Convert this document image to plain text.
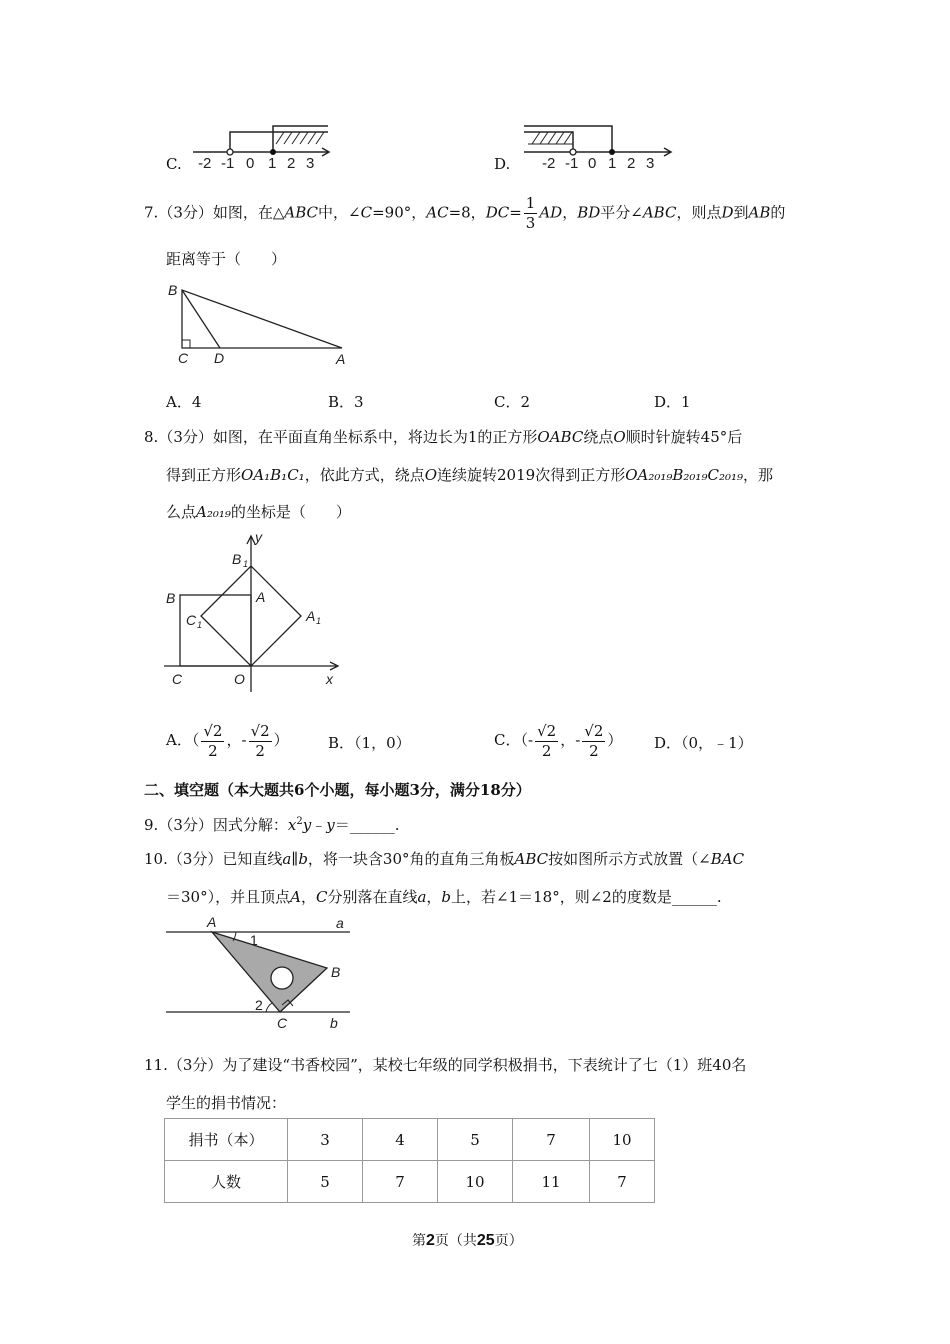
C. -2 -1 0 1 2 3	D. -2 -1 0 1 2 3
7.（3分）如图，在△ABC中，∠C=90°，AC=8，$DC= \frac{1}{3}$ AD，BD平分∠ABC，则点D到AB的
距离等于（　　）
B
C D	A
A．4	B．3	C．2	D．1
8.（3分）如图，在平面直角坐标系中，将边长为1的正方形OABC绕点O顺时针旋转45°后
得到正方形OA₁B₁C₁，依此方式，绕点O连续旋转2019次得到正方形OA₂₀₁₉B₂₀₁₉C₂₀₁₉，那
么点A₂₀₁₉的坐标是（　　）
y
B 1
A
B
C 1
A 1
C	O	x
A．（ $\frac{√2}{2}$ ，- $\frac{√2}{2}$ ）	B．（1，0）	C．（- $\frac{√2}{2}$ ，- $\frac{√2}{2}$ ） D．（0，﹣1）
二、填空题（本大题共6个小题，每小题3分，满分18分）
9.（3分）因式分解：$x^2y﹣y=\_\_\_\_\_\_$.
10.（3分）已知直线a∥b，将一块含30°角的直角三角板ABC按如图所示方式放置（∠BAC
＝30°），并且顶点A，C分别落在直线a，b上，若∠1＝18°，则∠2的度数是______.
A	a
1
B
2
C	b
11.（3分）为了建设“书香校园”，某校七年级的同学积极捐书，下表统计了七（1）班40名
学生的捐书情况：
捐书（本）	3	4	5	7	10
人数	5	7	10	11	7
第2页（共25页）
